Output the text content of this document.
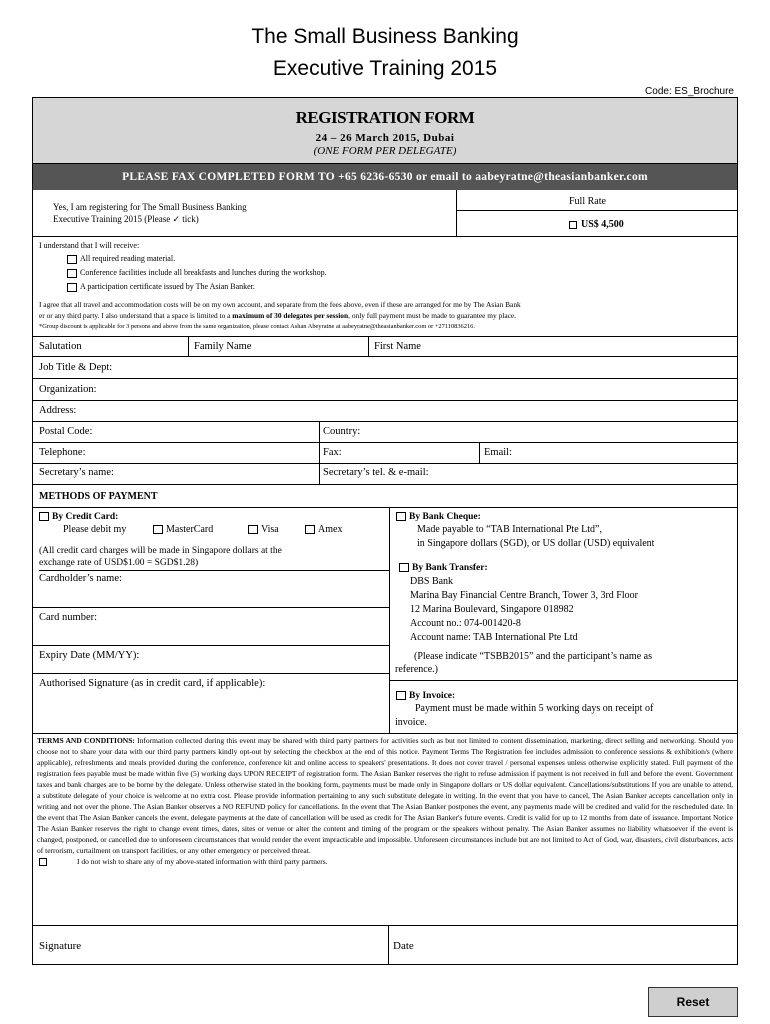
The Small Business Banking
Executive Training 2015
Code: ES_Brochure
REGISTRATION FORM
24 – 26 March 2015, Dubai
(ONE FORM PER DELEGATE)
PLEASE FAX COMPLETED FORM TO +65 6236-6530 or email to aabeyratne@theasianbanker.com
Yes, I am registering for The Small Business Banking
Executive Training 2015 (Please ✓ tick)
Full Rate
US$ 4,500
I understand that I will receive:
All required reading material.
Conference facilities include all breakfasts and lunches during the workshop.
A participation certificate issued by The Asian Banker.
I agree that all travel and accommodation costs will be on my own account, and separate from the fees above, even if these are arranged for me by The Asian Bank
er or any third party. I also understand that a space is limited to a maximum of 30 delegates per session, only full payment must be made to guarantee my place.
*Group discount is applicable for 3 persons and above from the same organization, please contact Ashan Abeyratne at aabeyratne@theasianbanker.com or +27110836216.
Salutation	Family Name	First Name
Job Title & Dept:
Organization:
Address:
Postal Code:	Country:
Telephone:	Fax:	Email:
Secretary’s name:	Secretary’s tel. & e-mail:
METHODS OF PAYMENT
By Credit Card:
Please debit my	MasterCard	Visa	Amex
(All credit card charges will be made in Singapore dollars at the
exchange rate of USD$1.00 = SGD$1.28)
Cardholder’s name:
Card number:
Expiry Date (MM/YY):
Authorised Signature (as in credit card, if applicable):
By Bank Cheque:
Made payable to “TAB International Pte Ltd”,
in Singapore dollars (SGD), or US dollar (USD) equivalent
By Bank Transfer:
DBS Bank
Marina Bay Financial Centre Branch, Tower 3, 3rd Floor
12 Marina Boulevard, Singapore 018982
Account no.: 074-001420-8
Account name: TAB International Pte Ltd
(Please indicate “TSBB2015” and the participant’s name as
reference.)
By Invoice:
Payment must be made within 5 working days on receipt of
invoice.
TERMS AND CONDITIONS: Information collected during this event may be shared with third party partners for activities such as but not limited to content dissemination, marketing, direct selling and networking. Should you choose not to share your data with our third party partners kindly opt-out by selecting the checkbox at the end of this notice. Payment Terms The Registration fee includes admission to conference sessions & exhibition/s (where applicable), refreshments and meals provided during the conference, conference kit and online access to speakers' presentations. It does not cover travel / personal expenses unless otherwise explicitly stated. Full payment of the registration fees payable must be made within five (5) working days UPON RECEIPT of registration form. The Asian Banker reserves the right to refuse admission if payment is not received in full and before the event. Government taxes and bank charges are to be borne by the delegate. Unless otherwise stated in the booking form, payments must be made only in Singapore dollars or US dollar equivalent. Cancellations/substitutions If you are unable to attend, a substitute delegate of your choice is welcome at no extra cost. Please provide information pertaining to any such substitute delegate in writing. In the event that you have to cancel, The Asian Banker accepts cancellation only in writing and not over the phone. The Asian Banker observes a NO REFUND policy for cancellations. In the event that The Asian Banker postpones the event, any payments made will be credited and valid for the rescheduled date. In the event that The Asian Banker cancels the event, delegate payments at the date of cancellation will be used as credit for The Asian Banker's future events. Credit is valid for up to 12 months from date of issuance. Important Notice The Asian Banker reserves the right to change event times, dates, sites or venue or alter the content and timing of the program or the speakers without penalty. The Asian Banker assumes no liability whatsoever if the event is changed, postponed, or cancelled due to unforeseen circumstances that would render the event impracticable and impossible. Unforeseen circumstances include but are not limited to Act of God, war, disasters, civil disturbances, acts of terrorism, curtailment on transport facilities, or any other emergency or perceived threat.
I do not wish to share any of my above-stated information with third party partners.
Signature	Date
Reset
